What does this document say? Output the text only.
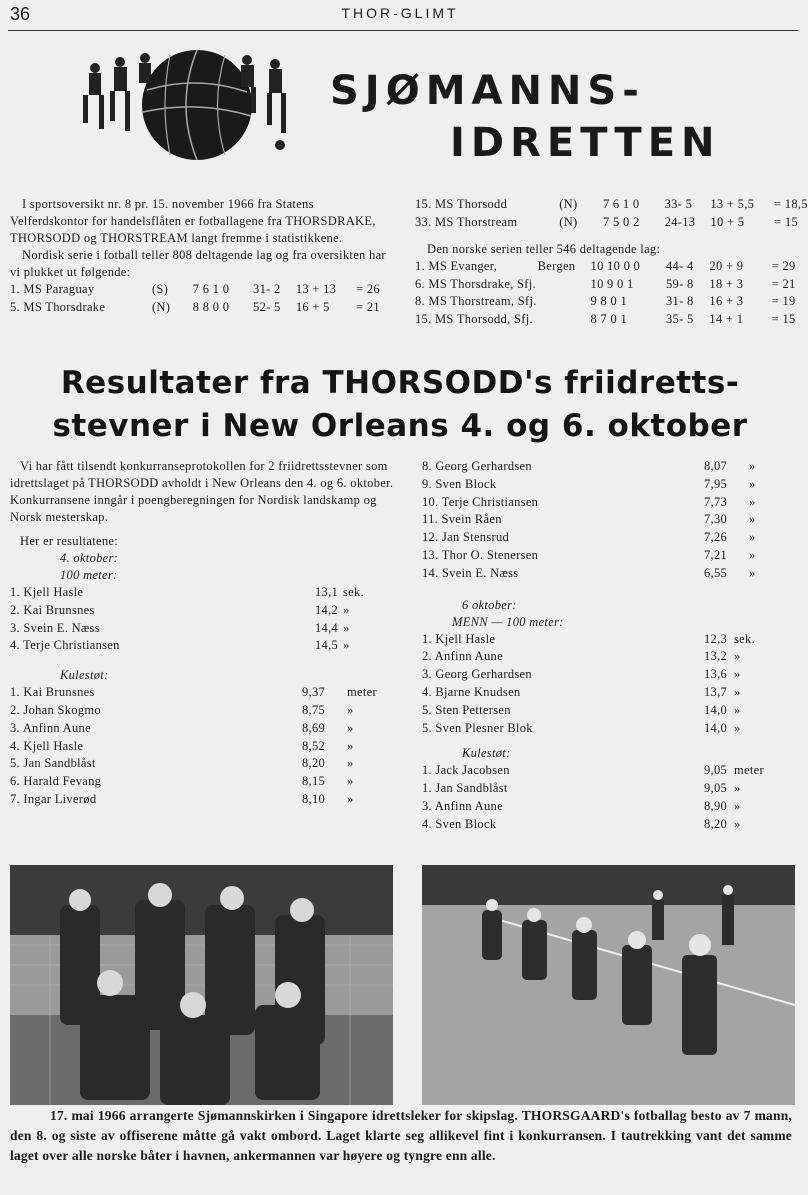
36	THOR-GLIMT
SJØMANNS-
IDRETTEN

I sportsoversikt nr. 8 pr. 15. november 1966 fra Statens Velferdskontor for handelsflåten er fotballagene fra THORSDRAKE, THORSODD og THORSTREAM langt fremme i statistikkene.

Nordisk serie i fotball teller 808 deltagende lag og fra oversikten har vi plukket ut følgende:

1. MS Paraguay	(S)	7 6 1 0	31- 2	13 + 13	= 26
5. MS Thorsdrake	(N)	8 8 0 0	52- 5	16 + 5	= 21
15. MS Thorsodd	(N)	7 6 1 0	33- 5	13 + 5,5	= 18,5
33. MS Thorstream	(N)	7 5 0 2	24-13	10 + 5	= 15
Den norske serien teller 546 deltagende lag:
1. MS Evanger,	Bergen	10 10 0 0	44- 4	20 + 9	= 29
6. MS Thorsdrake, Sfj.	10 9 0 1	59- 8	18 + 3	= 21
8. MS Thorstream, Sfj.	9 8 0 1	31- 8	16 + 3	= 19
15. MS Thorsodd, Sfj.	8 7 0 1	35- 5	14 + 1	= 15
Resultater fra THORSODD's friidretts-
stevner i New Orleans 4. og 6. oktober

Vi har fått tilsendt konkurranseprotokollen for 2 friidrettsstevner som idrettslaget på THORSODD avholdt i New Orleans den 4. og 6. oktober. Konkurransene inngår i poengberegningen for Nordisk landskamp og Norsk mesterskap.

Her er resultatene:
4. oktober:
100 meter:
1. Kjell Hasle	13,1 sek.
2. Kai Brunsnes	14,2 »
3. Svein E. Næss	14,4 »
4. Terje Christiansen	14,5 »
Kulestøt:
1. Kai Brunsnes	9,37	meter
2. Johan Skogmo	8,75	»
3. Anfinn Aune	8,69	»
4. Kjell Hasle	8,52	»
5. Jan Sandblåst	8,20	»
6. Harald Fevang	8,15	»
7. Ingar Liverød	8,10	»
8. Georg Gerhardsen	8,07	»
9. Sven Block	7,95	»
10. Terje Christiansen	7,73	»
11. Svein Råen	7,30	»
12. Jan Stensrud	7,26	»
13. Thor O. Stenersen	7,21	»
14. Svein E. Næss	6,55	»
6 oktober:
MENN — 100 meter:
1. Kjell Hasle	12,3 sek.
2. Anfinn Aune	13,2 »
3. Georg Gerhardsen	13,6 »
4. Bjarne Knudsen	13,7 »
5. Sten Pettersen	14,0 »
5. Sven Plesner Blok	14,0 »
Kulestøt:
1. Jack Jacobsen	9,05 meter
1. Jan Sandblåst	9,05 »
3. Anfinn Aune	8,90 »
4. Sven Block	8,20 »
17. mai 1966 arrangerte Sjømannskirken i Singapore idrettsleker for skipslag. THORSGAARD's fotballag besto av 7 mann, den 8. og siste av offiserene måtte gå vakt ombord. Laget klarte seg allikevel fint i konkurransen. I tautrekking vant det samme laget over alle norske båter i havnen, ankermannen var høyere og tyngre enn alle.
